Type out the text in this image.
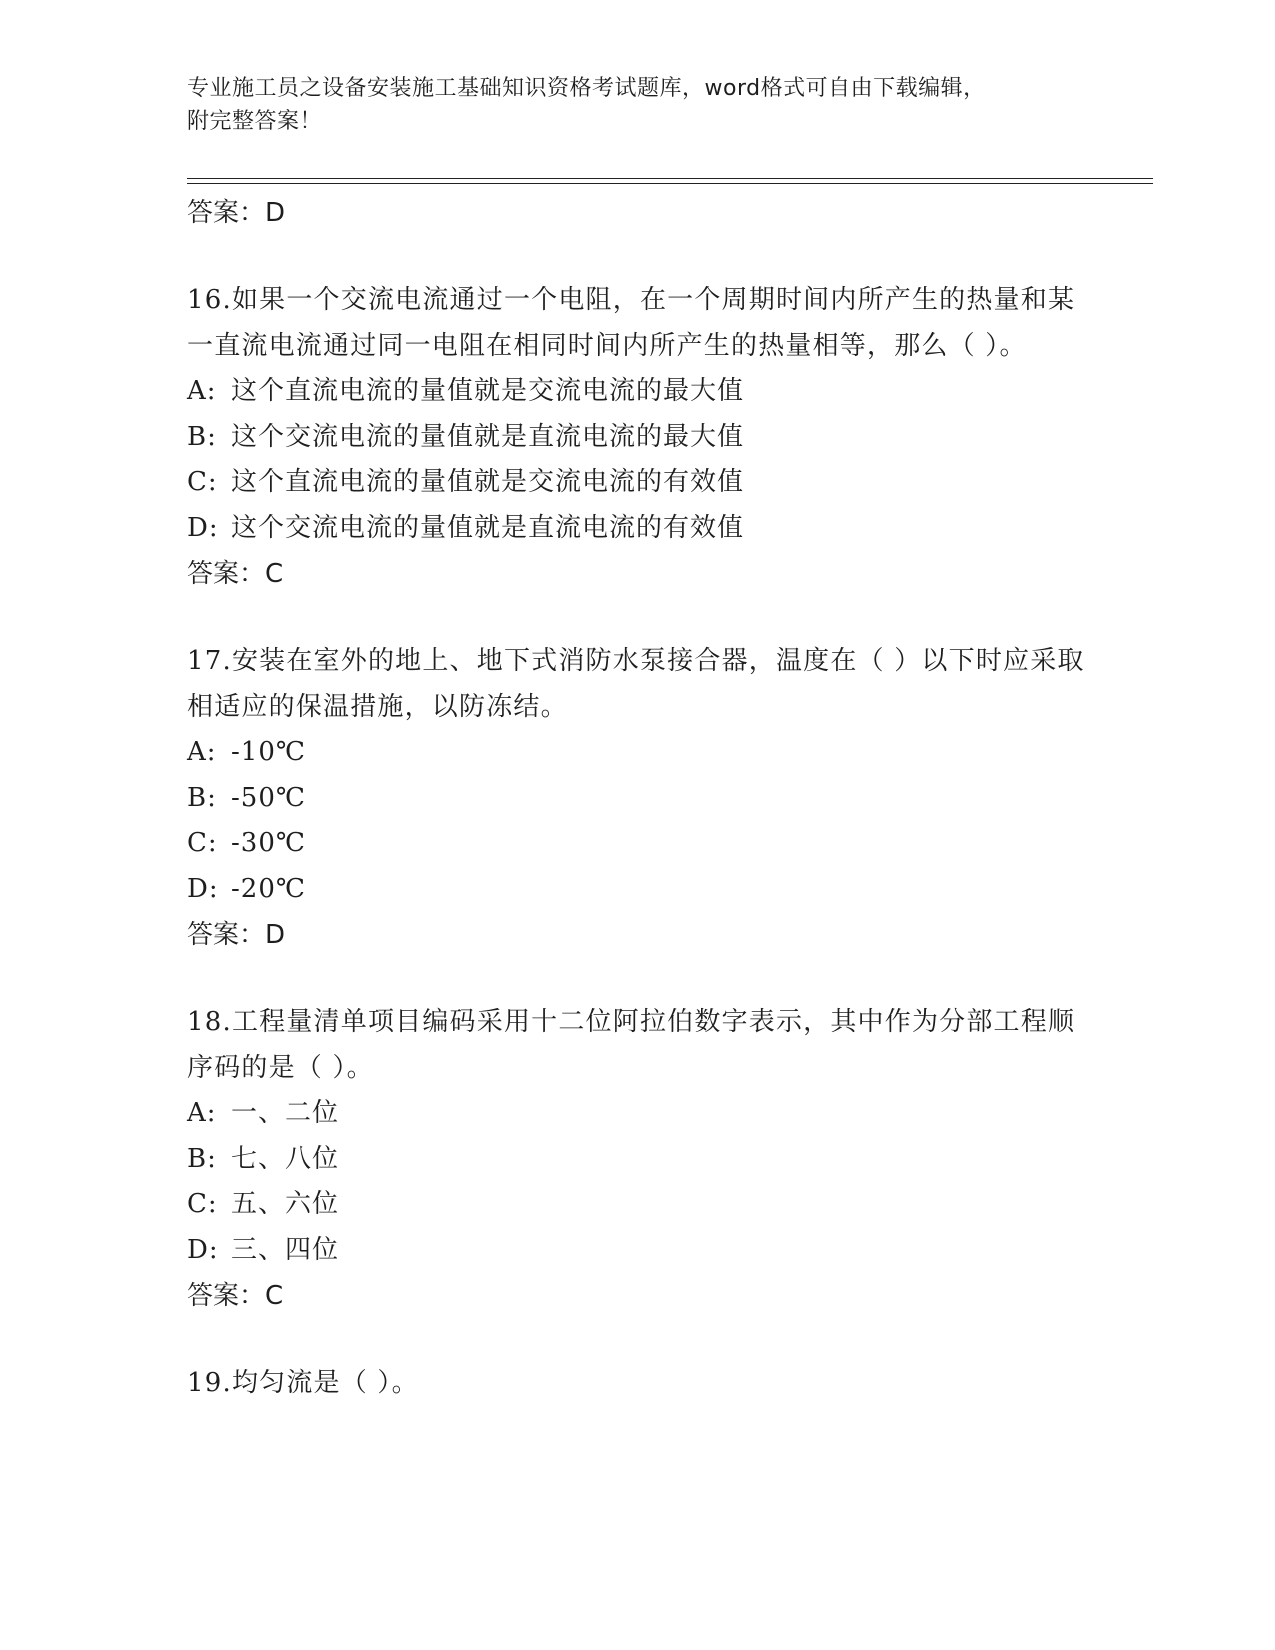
专业施工员之设备安装施工基础知识资格考试题库，word格式可自由下载编辑，
附完整答案！
答案：D
16.如果一个交流电流通过一个电阻，在一个周期时间内所产生的热量和某一直流电流通过同一电阻在相同时间内所产生的热量相等，那么（ ）。
A: 这个直流电流的量值就是交流电流的最大值
B: 这个交流电流的量值就是直流电流的最大值
C: 这个直流电流的量值就是交流电流的有效值
D: 这个交流电流的量值就是直流电流的有效值
答案：C
17.安装在室外的地上、地下式消防水泵接合器，温度在（ ）以下时应采取相适应的保温措施，以防冻结。
A: -10℃
B: -50℃
C: -30℃
D: -20℃
答案：D
18.工程量清单项目编码采用十二位阿拉伯数字表示，其中作为分部工程顺序码的是（ ）。
A: 一、二位
B: 七、八位
C: 五、六位
D: 三、四位
答案：C
19.均匀流是（ ）。
